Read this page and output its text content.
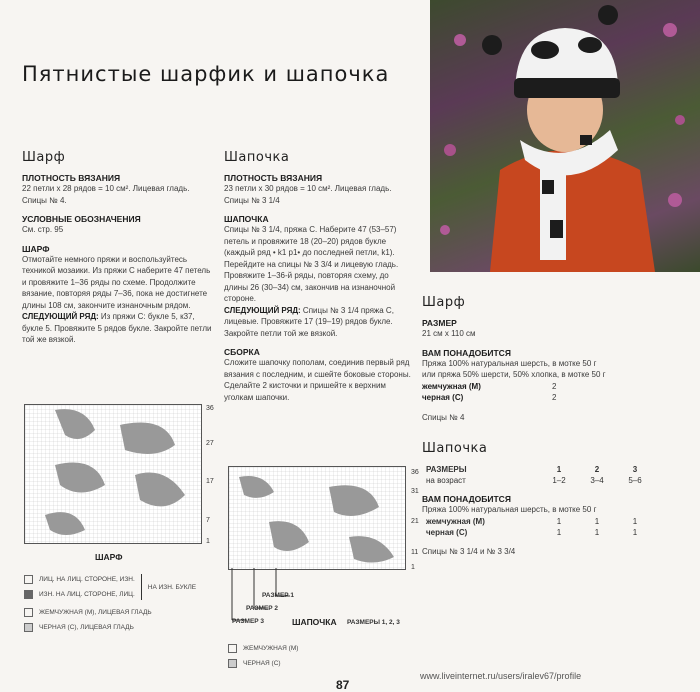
Пятнистые шарфик и шапочка
Шарф
ПЛОТНОСТЬ ВЯЗАНИЯ
22 петли х 28 рядов = 10 см². Лицевая гладь. Спицы № 4.
УСЛОВНЫЕ ОБОЗНАЧЕНИЯ
См. стр. 95
ШАРФ
Отмотайте немного пряжи и воспользуйтесь техникой мозаики. Из пряжи С наберите 47 петель и провяжите 1–36 ряды по схеме. Продолжите вязание, повторяя ряды 7–36, пока не достигнете длины 108 см, закончите изнаночным рядом.
СЛЕДУЮЩИЙ РЯД: Из пряжи С: букле 5, к37, букле 5. Провяжите 5 рядов букле. Закройте петли той же вязкой.
Шапочка
ПЛОТНОСТЬ ВЯЗАНИЯ
23 петли х 30 рядов = 10 см². Лицевая гладь. Спицы № 3 1/4
ШАПОЧКА
Спицы № 3 1/4, пряжа С. Наберите 47 (53–57) петель и провяжите 18 (20–20) рядов букле (каждый ряд • k1 p1• до последней петли, k1). Перейдите на спицы № 3 3/4 и лицевую гладь. Провяжите 1–36-й ряды, повторяя схему, до длины 26 (30–34) см, закончив на изнаночной стороне.
СЛЕДУЮЩИЙ РЯД: Спицы № 3 1/4 пряжа С, лицевые. Провяжите 17 (19–19) рядов букле. Закройте петли той же вязкой.
СБОРКА
Сложите шапочку пополам, соединив первый ряд вязания с последним, и сшейте боковые стороны. Сделайте 2 кисточки и пришейте к верхним уголкам шапочки.
Шарф
РАЗМЕР
21 см х 110 см
ВАМ ПОНАДОБИТСЯ
Пряжа 100% натуральная шерсть, в мотке 50 г
или пряжа 50% шерсти, 50% хлопка, в мотке 50 г
жемчужная (М)	2
черная (С)	2
Спицы № 4
Шапочка
РАЗМЕРЫ	1	2	3
на возраст	1–2	3–4	5–6
ВАМ ПОНАДОБИТСЯ
Пряжа 100% натуральная шерсть, в мотке 50 г
жемчужная (М)	1	1	1
черная (С)	1	1	1
Спицы № 3 1/4 и № 3 3/4
36
27
17
7
1
ШАРФ
ЛИЦ. НА ЛИЦ. СТОРОНЕ, ИЗН.
ИЗН. НА ЛИЦ. СТОРОНЕ, ЛИЦ.
НА ИЗН. БУКЛЕ
ЖЕМЧУЖНАЯ (М), ЛИЦЕВАЯ ГЛАДЬ
ЧЕРНАЯ (С), ЛИЦЕВАЯ ГЛАДЬ
РАЗМЕР 1
РАЗМЕР 2
РАЗМЕР 3
36
31
21
11
1
ШАПОЧКА РАЗМЕРЫ 1, 2, 3
ЖЕМЧУЖНАЯ (М)
ЧЕРНАЯ (С)
87
www.liveinternet.ru/users/iralev67/profile
